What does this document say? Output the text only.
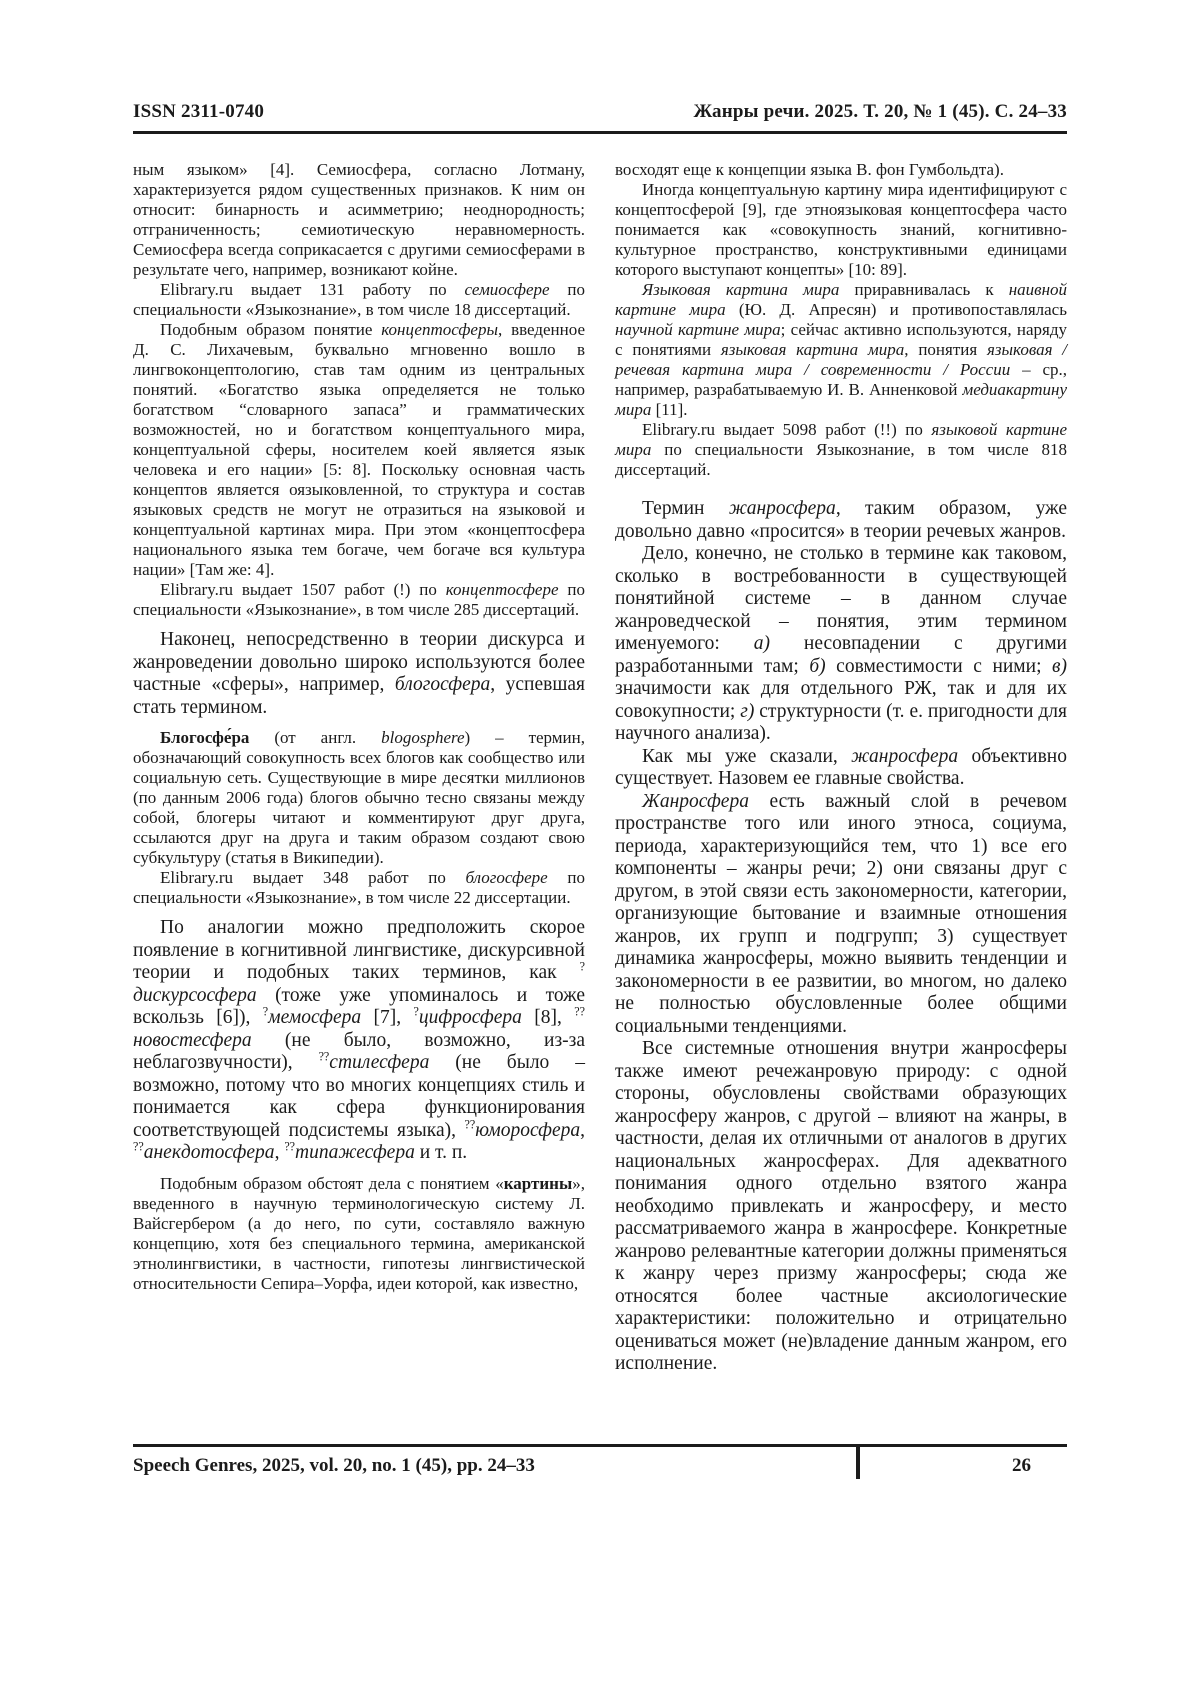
ISSN 2311-0740	Жанры речи. 2025. Т. 20, № 1 (45). С. 24–33

ным языком» [4]. Семиосфера, согласно Лотману, характеризуется рядом существенных признаков. К ним он относит: бинарность и асимметрию; неоднородность; отграниченность; семиотическую неравномерность. Семиосфера всегда соприкасается с другими семиосферами в результате чего, например, возникают койне.

Elibrary.ru выдает 131 работу по семиосфере по специальности «Языкознание», в том числе 18 диссертаций.

Подобным образом понятие концептосферы, введенное Д. С. Лихачевым, буквально мгновенно вошло в лингвоконцептологию, став там одним из центральных понятий. «Богатство языка определяется не только богатством “словарного запаса” и грамматических возможностей, но и богатством концептуального мира, концептуальной сферы, носителем коей является язык человека и его нации» [5: 8]. Поскольку основная часть концептов является оязыковленной, то структура и состав языковых средств не могут не отразиться на языковой и концептуальной картинах мира. При этом «концептосфера национального языка тем богаче, чем богаче вся культура нации» [Там же: 4].

Elibrary.ru выдает 1507 работ (!) по концептосфере по специальности «Языкознание», в том числе 285 диссертаций.

Наконец, непосредственно в теории дискурса и жанроведении довольно широко используются более частные «сферы», например, блогосфера, успевшая стать термином.

Блогосфе́ра (от англ. blogosphere) – термин, обозначающий совокупность всех блогов как сообщество или социальную сеть. Существующие в мире десятки миллионов (по данным 2006 года) блогов обычно тесно связаны между собой, блогеры читают и комментируют друг друга, ссылаются друг на друга и таким образом создают свою субкультуру (статья в Википедии).

Elibrary.ru выдает 348 работ по блогосфере по специальности «Языкознание», в том числе 22 диссертации.

По аналогии можно предположить скорое появление в когнитивной лингвистике, дискурсивной теории и подобных таких терминов, как ?дискурсосфера (тоже уже упоминалось и тоже вскользь [6]), ?мемосфера [7], ?цифросфера [8], ??новостесфера (не было, возможно, из-за неблагозвучности), ??стилесфера (не было – возможно, потому что во многих концепциях стиль и понимается как сфера функционирования соответствующей подсистемы языка), ??юморосфера, ??анекдотосфера, ??типажесфера и т. п.

Подобным образом обстоят дела с понятием «картины», введенного в научную терминологическую систему Л. Вайсгербером (а до него, по сути, составляло важную концепцию, хотя без специального термина, американской этнолингвистики, в частности, гипотезы лингвистической относительности Сепира–Уорфа, идеи которой, как известно,

восходят еще к концепции языка В. фон Гумбольдта).

Иногда концептуальную картину мира идентифицируют с концептосферой [9], где этноязыковая концептосфера часто понимается как «совокупность знаний, когнитивно-культурное пространство, конструктивными единицами которого выступают концепты» [10: 89].

Языковая картина мира приравнивалась к наивной картине мира (Ю. Д. Апресян) и противопоставлялась научной картине мира; сейчас активно используются, наряду с понятиями языковая картина мира, понятия языковая / речевая картина мира / современности / России – ср., например, разрабатываемую И. В. Анненковой медиакартину мира [11].

Elibrary.ru выдает 5098 работ (!!) по языковой картине мира по специальности Языкознание, в том числе 818 диссертаций.

Термин жанросфера, таким образом, уже довольно давно «просится» в теории речевых жанров.

Дело, конечно, не столько в термине как таковом, сколько в востребованности в существующей понятийной системе – в данном случае жанроведческой – понятия, этим термином именуемого: а) несовпадении с другими разработанными там; б) совместимости с ними; в) значимости как для отдельного РЖ, так и для их совокупности; г) структурности (т. е. пригодности для научного анализа).

Как мы уже сказали, жанросфера объективно существует. Назовем ее главные свойства.

Жанросфера есть важный слой в речевом пространстве того или иного этноса, социума, периода, характеризующийся тем, что 1) все его компоненты – жанры речи; 2) они связаны друг с другом, в этой связи есть закономерности, категории, организующие бытование и взаимные отношения жанров, их групп и подгрупп; 3) существует динамика жанросферы, можно выявить тенденции и закономерности в ее развитии, во многом, но далеко не полностью обусловленные более общими социальными тенденциями.

Все системные отношения внутри жанросферы также имеют речежанровую природу: с одной стороны, обусловлены свойствами образующих жанросферу жанров, с другой – влияют на жанры, в частности, делая их отличными от аналогов в других национальных жанросферах. Для адекватного понимания одного отдельно взятого жанра необходимо привлекать и жанросферу, и место рассматриваемого жанра в жанросфере. Конкретные жанрово релевантные категории должны применяться к жанру через призму жанросферы; сюда же относятся более частные аксиологические характеристики: положительно и отрицательно оцениваться может (не)владение данным жанром, его исполнение.

Speech Genres, 2025, vol. 20, no. 1 (45), pp. 24–33	26
